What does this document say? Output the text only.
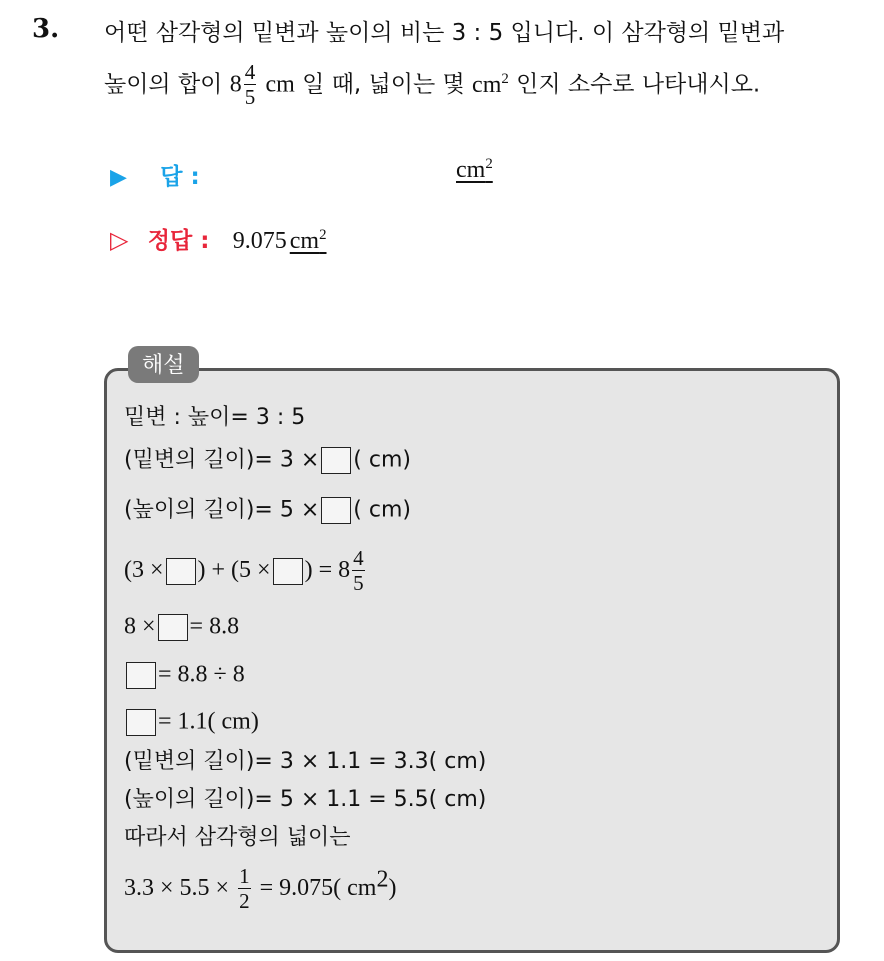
3. 어떤 삼각형의 밑변과 높이의 비는 3 : 5 입니다. 이 삼각형의 밑변과
높이의 합이 $8 \frac{4}{5}$ cm 일 때, 넓이는 몇 $cm^2$ 인지 소수로 나타내시오.
▶ 답 :	$cm^2$
▷ 정답 : 9.075 $cm^2$
해설
밑변 : 높이= 3 : 5
(밑변의 길이)= 3 × ( cm)
(높이의 길이)= 5 × ( cm)
(3 × ) + (5 × ) = $8 \frac{4}{5}$
8 × = 8.8
= 8.8 ÷ 8
= 1.1( cm)
(밑변의 길이)= 3 × 1.1 = 3.3( cm)
(높이의 길이)= 5 × 1.1 = 5.5( cm)
따라서 삼각형의 넓이는
$3.3 \times 5.5 \times \frac{1}{2} = 9.075$( $cm^2$)
